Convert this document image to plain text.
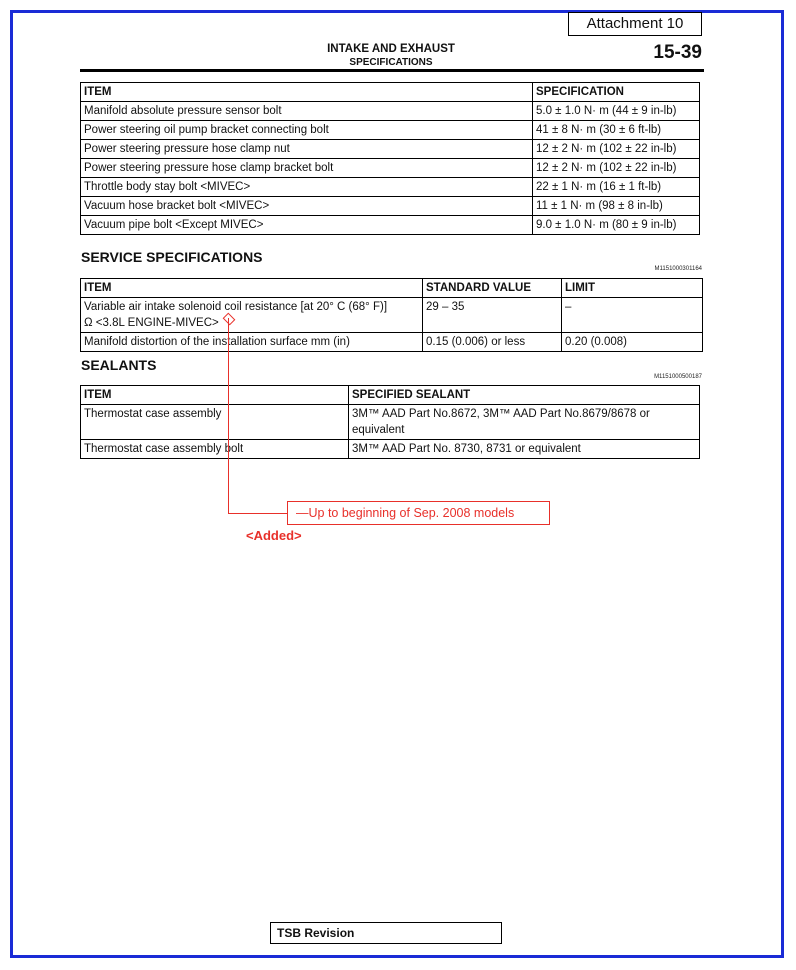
Attachment 10
INTAKE AND EXHAUST
SPECIFICATIONS	15-39
ITEM	SPECIFICATION
Manifold absolute pressure sensor bolt	5.0 ± 1.0 N· m (44 ± 9 in-lb)
Power steering oil pump bracket connecting bolt	41 ± 8 N· m (30 ± 6 ft-lb)
Power steering pressure hose clamp nut	12 ± 2 N· m (102 ± 22 in-lb)
Power steering pressure hose clamp bracket bolt	12 ± 2 N· m (102 ± 22 in-lb)
Throttle body stay bolt <MIVEC>	22 ± 1 N· m (16 ± 1 ft-lb)
Vacuum hose bracket bolt <MIVEC>	11 ± 1 N· m (98 ± 8 in-lb)
Vacuum pipe bolt <Except MIVEC>	9.0 ± 1.0 N· m (80 ± 9 in-lb)
SERVICE SPECIFICATIONS
M1151000301164
ITEM	STANDARD VALUE	LIMIT

Variable air intake solenoid coil resistance [at 20° C (68° F)]
Ω <3.8L ENGINE-MIVEC>	29 – 35	–
Manifold distortion of the installation surface mm (in)	0.15 (0.006) or less	0.20 (0.008)
SEALANTS
M1151000500187
ITEM	SPECIFIED SEALANT
Thermostat case assembly	3M™ AAD Part No.8672, 3M™ AAD Part No.8679/8678 or equivalent
Thermostat case assembly bolt	3M™ AAD Part No. 8730, 8731 or equivalent
—Up to beginning of Sep. 2008 models
<Added>
TSB Revision
